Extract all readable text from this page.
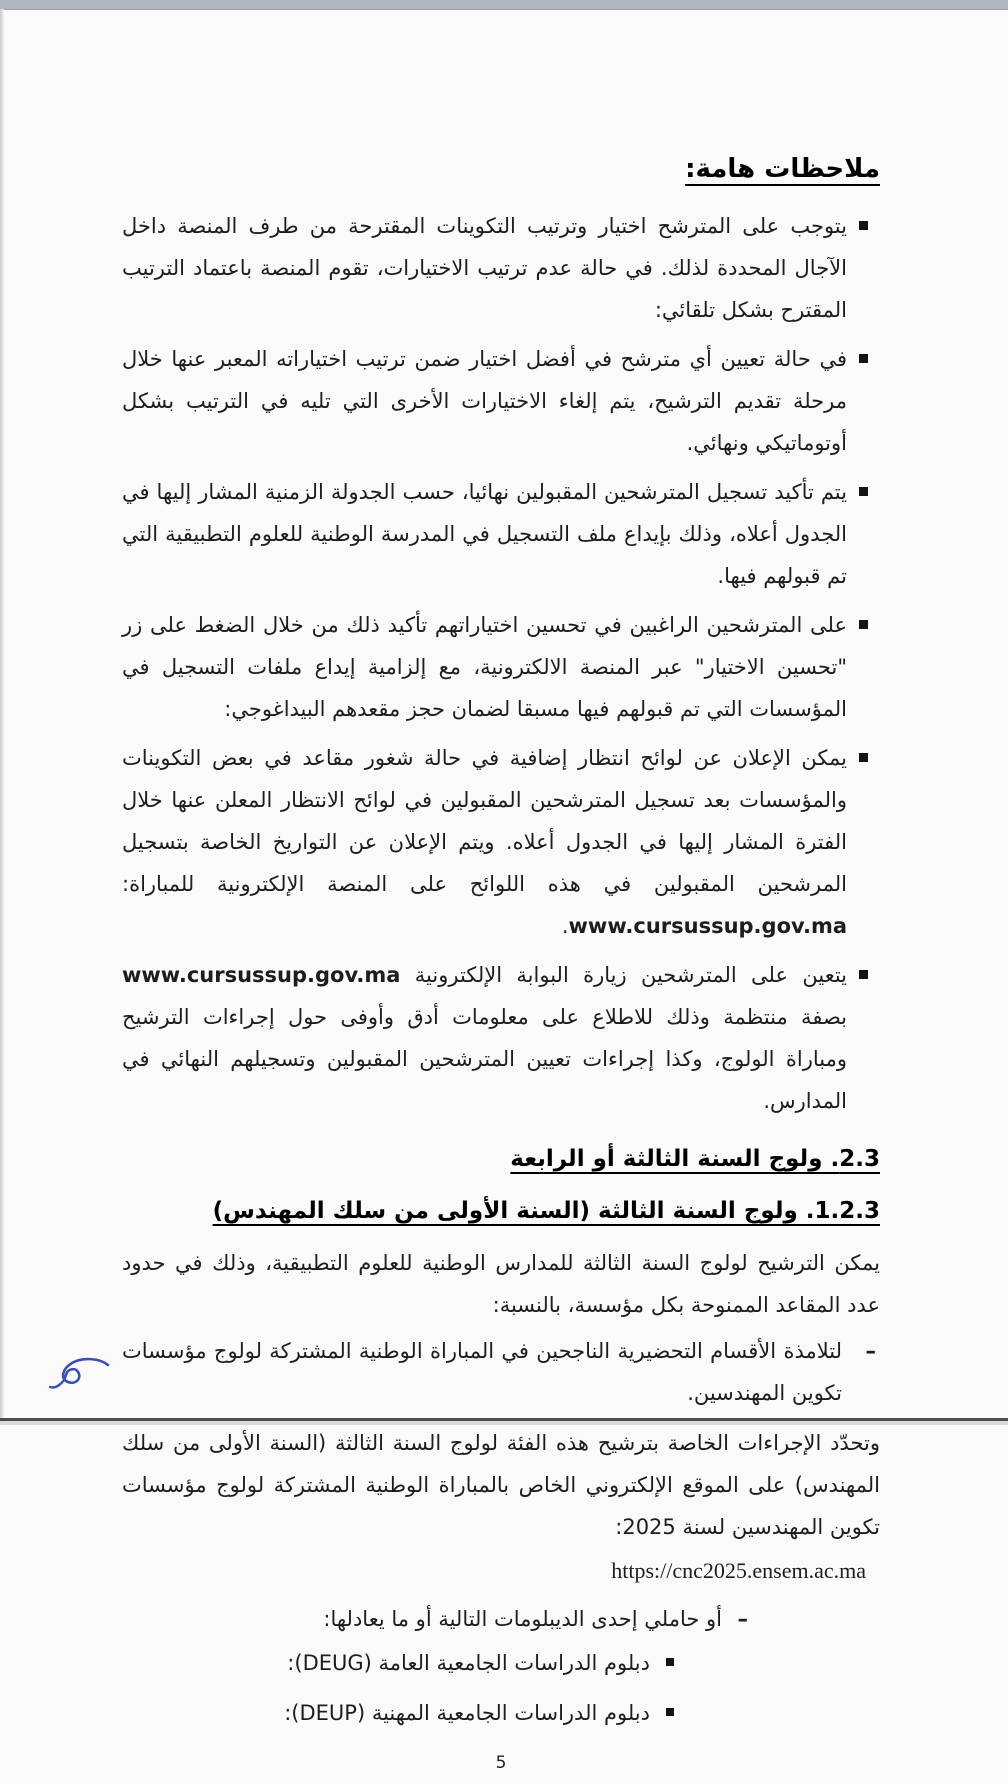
ملاحظات هامة:
يتوجب على المترشح اختيار وترتيب التكوينات المقترحة من طرف المنصة داخل الآجال المحددة لذلك. في حالة عدم ترتيب الاختيارات، تقوم المنصة باعتماد الترتيب المقترح بشكل تلقائي:
في حالة تعيين أي مترشح في أفضل اختيار ضمن ترتيب اختياراته المعبر عنها خلال مرحلة تقديم الترشيح، يتم إلغاء الاختيارات الأخرى التي تليه في الترتيب بشكل أوتوماتيكي ونهائي.
يتم تأكيد تسجيل المترشحين المقبولين نهائيا، حسب الجدولة الزمنية المشار إليها في الجدول أعلاه، وذلك بإيداع ملف التسجيل في المدرسة الوطنية للعلوم التطبيقية التي تم قبولهم فيها.
على المترشحين الراغبين في تحسين اختياراتهم تأكيد ذلك من خلال الضغط على زر "تحسين الاختيار" عبر المنصة الالكترونية، مع إلزامية إيداع ملفات التسجيل في المؤسسات التي تم قبولهم فيها مسبقا لضمان حجز مقعدهم البيداغوجي:
يمكن الإعلان عن لوائح انتظار إضافية في حالة شغور مقاعد في بعض التكوينات والمؤسسات بعد تسجيل المترشحين المقبولين في لوائح الانتظار المعلن عنها خلال الفترة المشار إليها في الجدول أعلاه. ويتم الإعلان عن التواريخ الخاصة بتسجيل المرشحين المقبولين في هذه اللوائح على المنصة الإلكترونية للمباراة: www.cursussup.gov.ma.
يتعين على المترشحين زيارة البوابة الإلكترونية www.cursussup.gov.ma بصفة منتظمة وذلك للاطلاع على معلومات أدق وأوفى حول إجراءات الترشيح ومباراة الولوج، وكذا إجراءات تعيين المترشحين المقبولين وتسجيلهم النهائي في المدارس.
2.3. ولوج السنة الثالثة أو الرابعة
1.2.3. ولوج السنة الثالثة (السنة الأولى من سلك المهندس)

يمكن الترشيح لولوج السنة الثالثة للمدارس الوطنية للعلوم التطبيقية، وذلك في حدود عدد المقاعد الممنوحة بكل مؤسسة، بالنسبة:

– لتلامذة الأقسام التحضيرية الناجحين في المباراة الوطنية المشتركة لولوج مؤسسات تكوين المهندسين.

وتحدّد الإجراءات الخاصة بترشيح هذه الفئة لولوج السنة الثالثة (السنة الأولى من سلك المهندس) على الموقع الإلكتروني الخاص بالمباراة الوطنية المشتركة لولوج مؤسسات تكوين المهندسين لسنة 2025:

https://cnc2025.ensem.ac.ma
– أو حاملي إحدى الديبلومات التالية أو ما يعادلها:
دبلوم الدراسات الجامعية العامة (DEUG):
دبلوم الدراسات الجامعية المهنية (DEUP):
5
